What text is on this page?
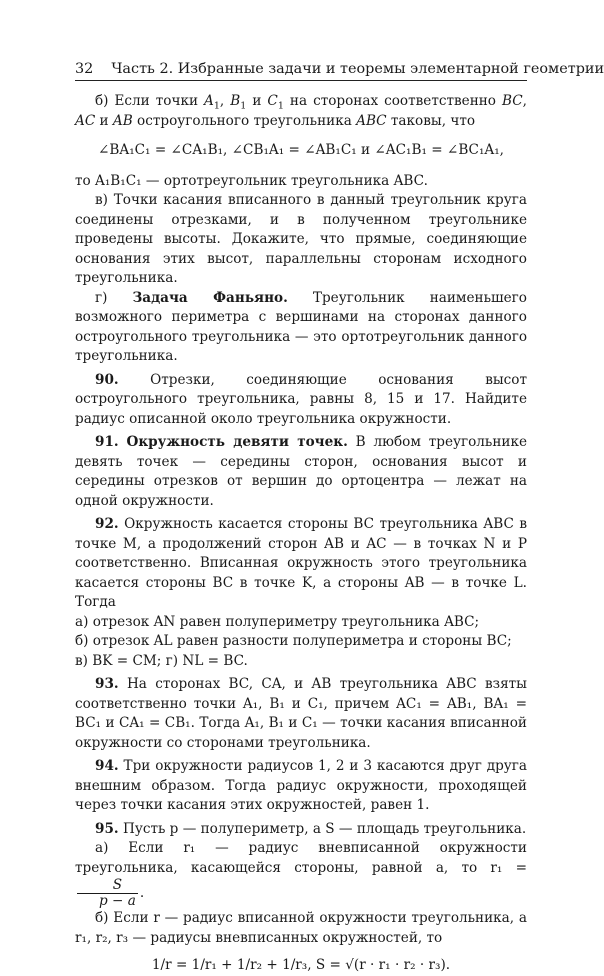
32 Часть 2. Избранные задачи и теоремы элементарной геометрии

б) Если точки $A_1$, $B_1$ и $C_1$ на сторонах соответственно BC, AC и AB остроугольного треугольника ABC таковы, что

∠BA₁C₁ = ∠CA₁B₁, ∠CB₁A₁ = ∠AB₁C₁ и ∠AC₁B₁ = ∠BC₁A₁,

то A₁B₁C₁ — ортотреугольник треугольника ABC.

в) Точки касания вписанного в данный треугольник круга соединены отрезками, и в полученном треугольнике проведены высоты. Докажите, что прямые, соединяющие основания этих высот, параллельны сторонам исходного треугольника.

г) Задача Фаньяно. Треугольник наименьшего возможного периметра с вершинами на сторонах данного остроугольного треугольника — это ортотреугольник данного треугольника.

90. Отрезки, соединяющие основания высот остроугольного треугольника, равны 8, 15 и 17. Найдите радиус описанной около треугольника окружности.

91. Окружность девяти точек. В любом треугольнике девять точек — середины сторон, основания высот и середины отрезков от вершин до ортоцентра — лежат на одной окружности.

92. Окружность касается стороны BC треугольника ABC в точке M, а продолжений сторон AB и AC — в точках N и P соответственно. Вписанная окружность этого треугольника касается стороны BC в точке K, а стороны AB — в точке L. Тогда

а) отрезок AN равен полупериметру треугольника ABC;

б) отрезок AL равен разности полупериметра и стороны BC;

в) BK = CM; г) NL = BC.

93. На сторонах BC, CA, и AB треугольника ABC взяты соответственно точки A₁, B₁ и C₁, причем AC₁ = AB₁, BA₁ = BC₁ и CA₁ = CB₁. Тогда A₁, B₁ и C₁ — точки касания вписанной окружности со сторонами треугольника.

94. Три окружности радиусов 1, 2 и 3 касаются друг друга внешним образом. Тогда радиус окружности, проходящей через точки касания этих окружностей, равен 1.

95. Пусть p — полупериметр, а S — площадь треугольника.

а) Если r₁ — радиус вневписанной окружности треугольника, касающейся стороны, равной a, то r₁ =
$\frac{S}{p - a}$ .

б) Если r — радиус вписанной окружности треугольника, а r₁, r₂, r₃ — радиусы вневписанных окружностей, то

1/r = 1/r₁ + 1/r₂ + 1/r₃, S = √(r · r₁ · r₂ · r₃).
